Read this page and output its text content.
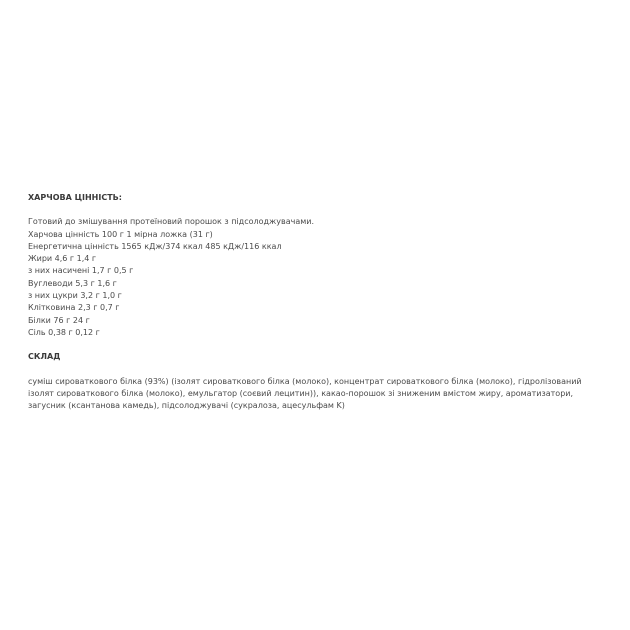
ХАРЧОВА ЦІННІСТЬ:

Готовий до змішування протеїновий порошок з підсолоджувачами.

Харчова цінність 100 г 1 мірна ложка (31 г)

Енергетична цінність 1565 кДж/374 ккал 485 кДж/116 ккал

Жири 4,6 г 1,4 г

з них насичені 1,7 г 0,5 г

Вуглеводи 5,3 г 1,6 г

з них цукри 3,2 г 1,0 г

Клітковина 2,3 г 0,7 г

Білки 76 г 24 г

Сіль 0,38 г 0,12 г

СКЛАД

суміш сироваткового білка (93%) (ізолят сироваткового білка (молоко), концентрат сироваткового білка (молоко), гідролізований ізолят сироваткового білка (молоко), емульгатор (соєвий лецитин)), какао-порошок зі зниженим вмістом жиру, ароматизатори, загусник (ксантанова камедь), підсолоджувачі (сукралоза, ацесульфам K)
